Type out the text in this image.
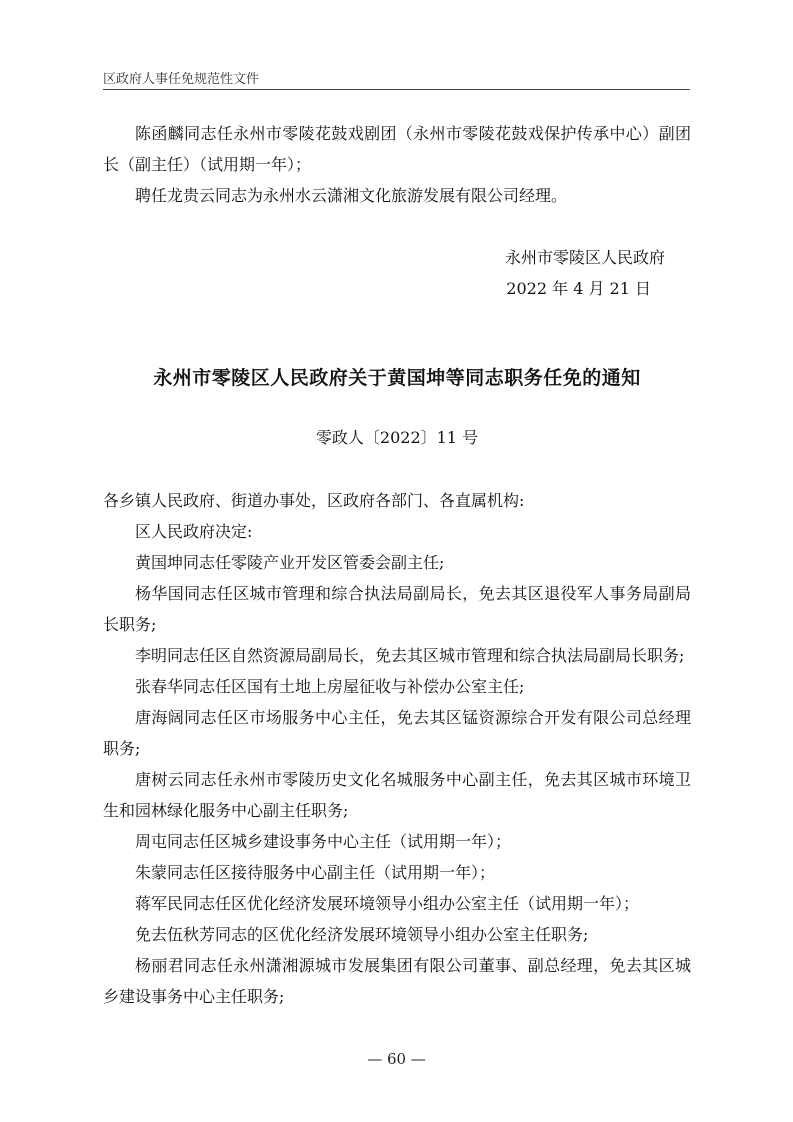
区政府人事任免规范性文件

陈函麟同志任永州市零陵花鼓戏剧团（永州市零陵花鼓戏保护传承中心）副团长（副主任）（试用期一年）；

聘任龙贵云同志为永州水云潇湘文化旅游发展有限公司经理。

永州市零陵区人民政府
2022 年 4 月 21 日
永州市零陵区人民政府关于黄国坤等同志职务任免的通知
零政人〔2022〕11 号

各乡镇人民政府、街道办事处，区政府各部门、各直属机构:

区人民政府决定:

黄国坤同志任零陵产业开发区管委会副主任;

杨华国同志任区城市管理和综合执法局副局长，免去其区退役军人事务局副局长职务;

李明同志任区自然资源局副局长，免去其区城市管理和综合执法局副局长职务;

张春华同志任区国有土地上房屋征收与补偿办公室主任;

唐海阔同志任区市场服务中心主任，免去其区锰资源综合开发有限公司总经理职务;

唐树云同志任永州市零陵历史文化名城服务中心副主任，免去其区城市环境卫生和园林绿化服务中心副主任职务;

周屯同志任区城乡建设事务中心主任（试用期一年）；

朱蒙同志任区接待服务中心副主任（试用期一年）；

蒋军民同志任区优化经济发展环境领导小组办公室主任（试用期一年）；

免去伍秋芳同志的区优化经济发展环境领导小组办公室主任职务;

杨丽君同志任永州潇湘源城市发展集团有限公司董事、副总经理，免去其区城乡建设事务中心主任职务;

— 60 —
